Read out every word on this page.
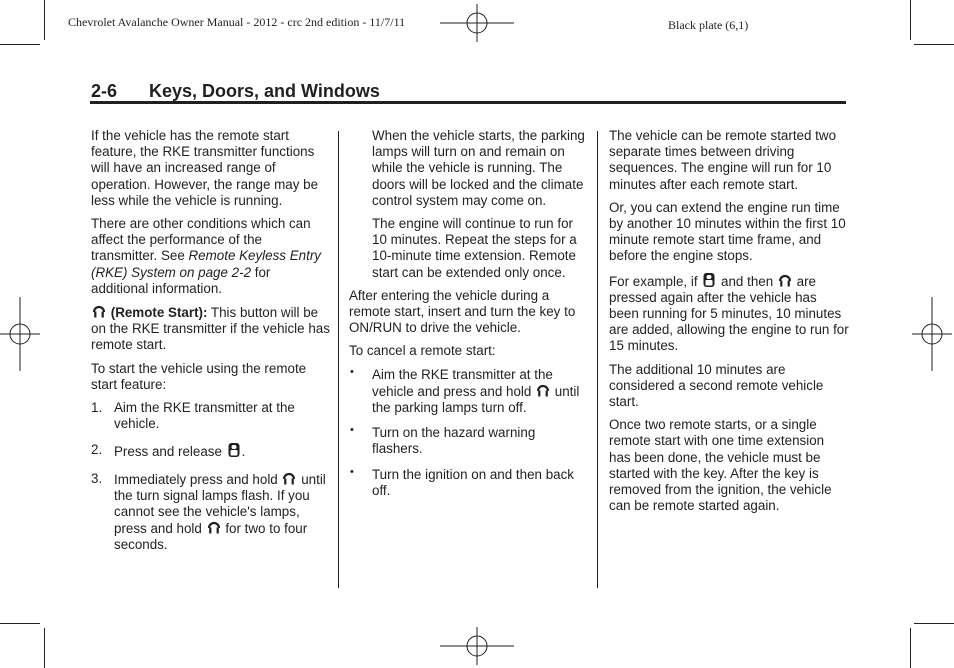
Chevrolet Avalanche Owner Manual - 2012 - crc 2nd edition - 11/7/11	Black plate (6,1)
2-6 Keys, Doors, and Windows

If the vehicle has the remote start feature, the RKE transmitter functions will have an increased range of operation. However, the range may be less while the vehicle is running.

There are other conditions which can affect the performance of the transmitter. See Remote Keyless Entry (RKE) System on page 2-2 for additional information.

(Remote Start): This button will be on the RKE transmitter if the vehicle has remote start.

To start the vehicle using the remote start feature:

1. Aim the RKE transmitter at the vehicle.
2. Press and release .
3. Immediately press and hold until the turn signal lamps flash. If you cannot see the vehicle's lamps, press and hold for two to four seconds.

When the vehicle starts, the parking lamps will turn on and remain on while the vehicle is running. The doors will be locked and the climate control system may come on.

The engine will continue to run for 10 minutes. Repeat the steps for a 10-minute time extension. Remote start can be extended only once.

After entering the vehicle during a remote start, insert and turn the key to ON/RUN to drive the vehicle.

To cancel a remote start:

• Aim the RKE transmitter at the vehicle and press and hold until the parking lamps turn off.
• Turn on the hazard warning flashers.
• Turn the ignition on and then back off.

The vehicle can be remote started two separate times between driving sequences. The engine will run for 10 minutes after each remote start.

Or, you can extend the engine run time by another 10 minutes within the first 10 minute remote start time frame, and before the engine stops.

For example, if and then are pressed again after the vehicle has been running for 5 minutes, 10 minutes are added, allowing the engine to run for 15 minutes.

The additional 10 minutes are considered a second remote vehicle start.

Once two remote starts, or a single remote start with one time extension has been done, the vehicle must be started with the key. After the key is removed from the ignition, the vehicle can be remote started again.
